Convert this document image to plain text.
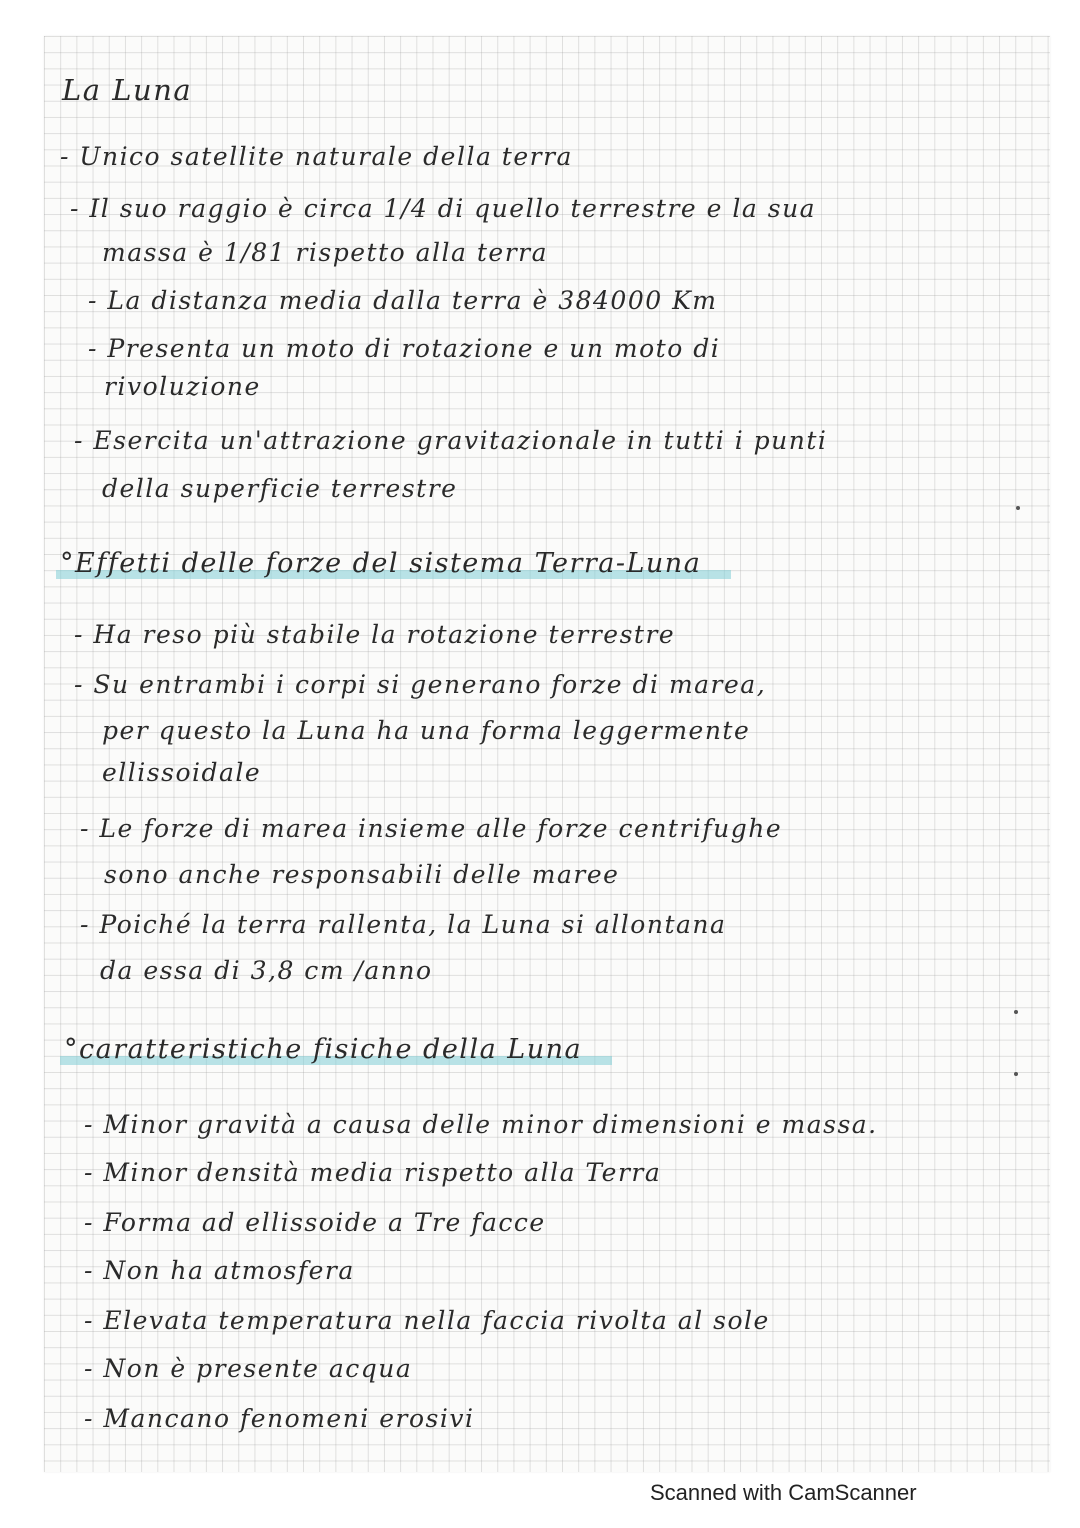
La Luna
- Unico satellite naturale della terra
- Il suo raggio è circa 1/4 di quello terrestre e la sua
massa è 1/81 rispetto alla terra
- La distanza media dalla terra è 384000 Km
- Presenta un moto di rotazione e un moto di
rivoluzione
- Esercita un'attrazione gravitazionale in tutti i punti
della superficie terrestre
°Effetti delle forze del sistema Terra-Luna
- Ha reso più stabile la rotazione terrestre
- Su entrambi i corpi si generano forze di marea,
per questo la Luna ha una forma leggermente
ellissoidale
- Le forze di marea insieme alle forze centrifughe
sono anche responsabili delle maree
- Poiché la terra rallenta, la Luna si allontana
da essa di 3,8 cm /anno
°caratteristiche fisiche della Luna
- Minor gravità a causa delle minor dimensioni e massa.
- Minor densità media rispetto alla Terra
- Forma ad ellissoide a Tre facce
- Non ha atmosfera
- Elevata temperatura nella faccia rivolta al sole
- Non è presente acqua
- Mancano fenomeni erosivi
Scanned with CamScanner
